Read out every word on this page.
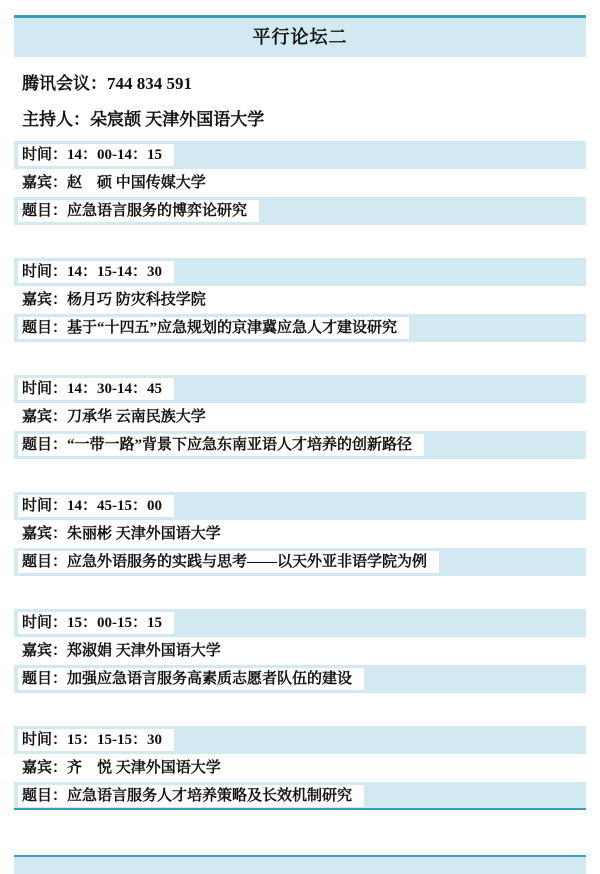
平行论坛二
腾讯会议：744 834 591
主持人：朵宸颉 天津外国语大学
时间：14：00-14：15
嘉宾：赵　硕 中国传媒大学
题目：应急语言服务的博弈论研究
时间：14：15-14：30
嘉宾：杨月巧 防灾科技学院
题目：基于“十四五”应急规划的京津冀应急人才建设研究
时间：14：30-14：45
嘉宾：刀承华 云南民族大学
题目：“一带一路”背景下应急东南亚语人才培养的创新路径
时间：14：45-15：00
嘉宾：朱丽彬 天津外国语大学
题目：应急外语服务的实践与思考——以天外亚非语学院为例
时间：15：00-15：15
嘉宾：郑淑娟 天津外国语大学
题目：加强应急语言服务高素质志愿者队伍的建设
时间：15：15-15：30
嘉宾：齐　悦 天津外国语大学
题目：应急语言服务人才培养策略及长效机制研究
